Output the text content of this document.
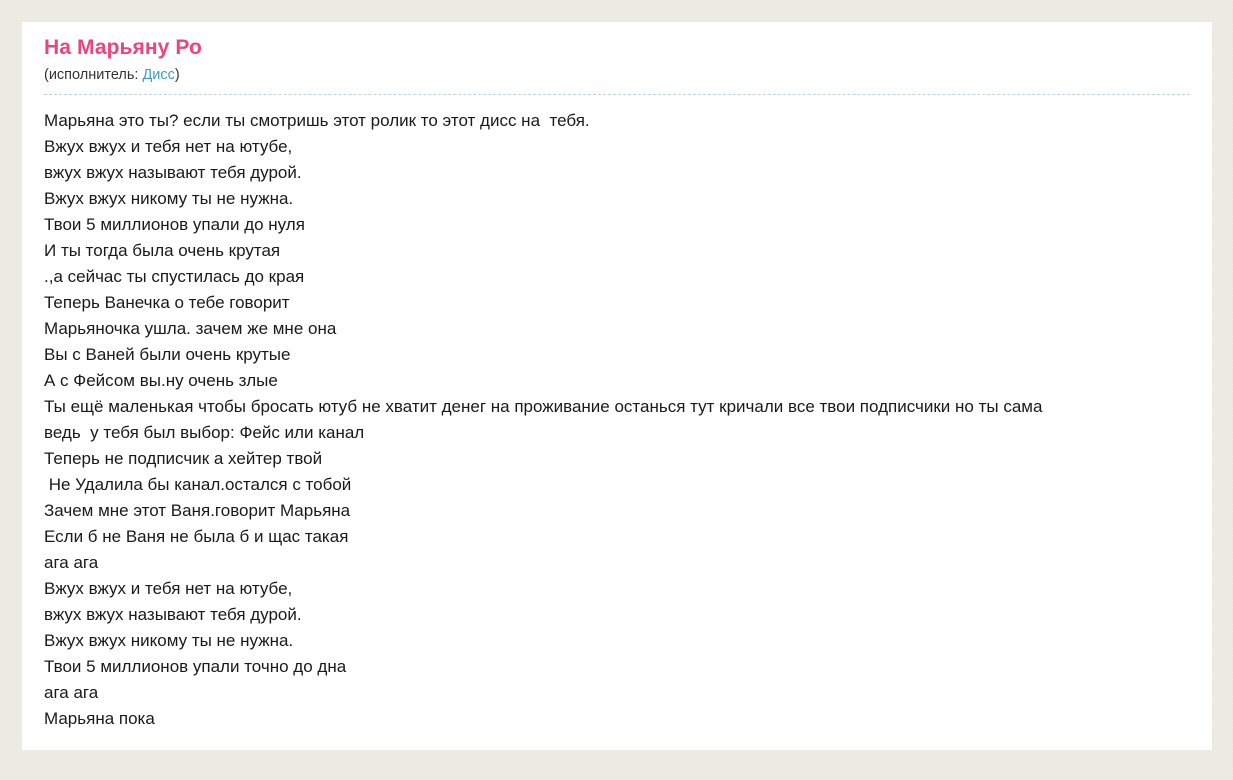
На Марьяну Ро
(исполнитель: Дисс)
Марьяна это ты? если ты смотришь этот ролик то этот дисс на  тебя.
Вжух вжух и тебя нет на ютубе,
вжух вжух называют тебя дурой.
Вжух вжух никому ты не нужна.
Твои 5 миллионов упали до нуля
И ты тогда была очень крутая
.,а сейчас ты спустилась до края
Теперь Ванечка о тебе говорит
Марьяночка ушла. зачем же мне она
Вы с Ваней были очень крутые
А с Фейсом вы.ну очень злые
Ты ещё маленькая чтобы бросать ютуб не хватит денег на проживание останься тут кричали все твои подписчики но ты сама
ведь  у тебя был выбор: Фейс или канал
Теперь не подписчик а хейтер твой
Не Удалила бы канал.остался с тобой
Зачем мне этот Ваня.говорит Марьяна
Если б не Ваня не была б и щас такая
ага ага
Вжух вжух и тебя нет на ютубе,
вжух вжух называют тебя дурой.
Вжух вжух никому ты не нужна.
Твои 5 миллионов упали точно до дна
ага ага
Марьяна пока
